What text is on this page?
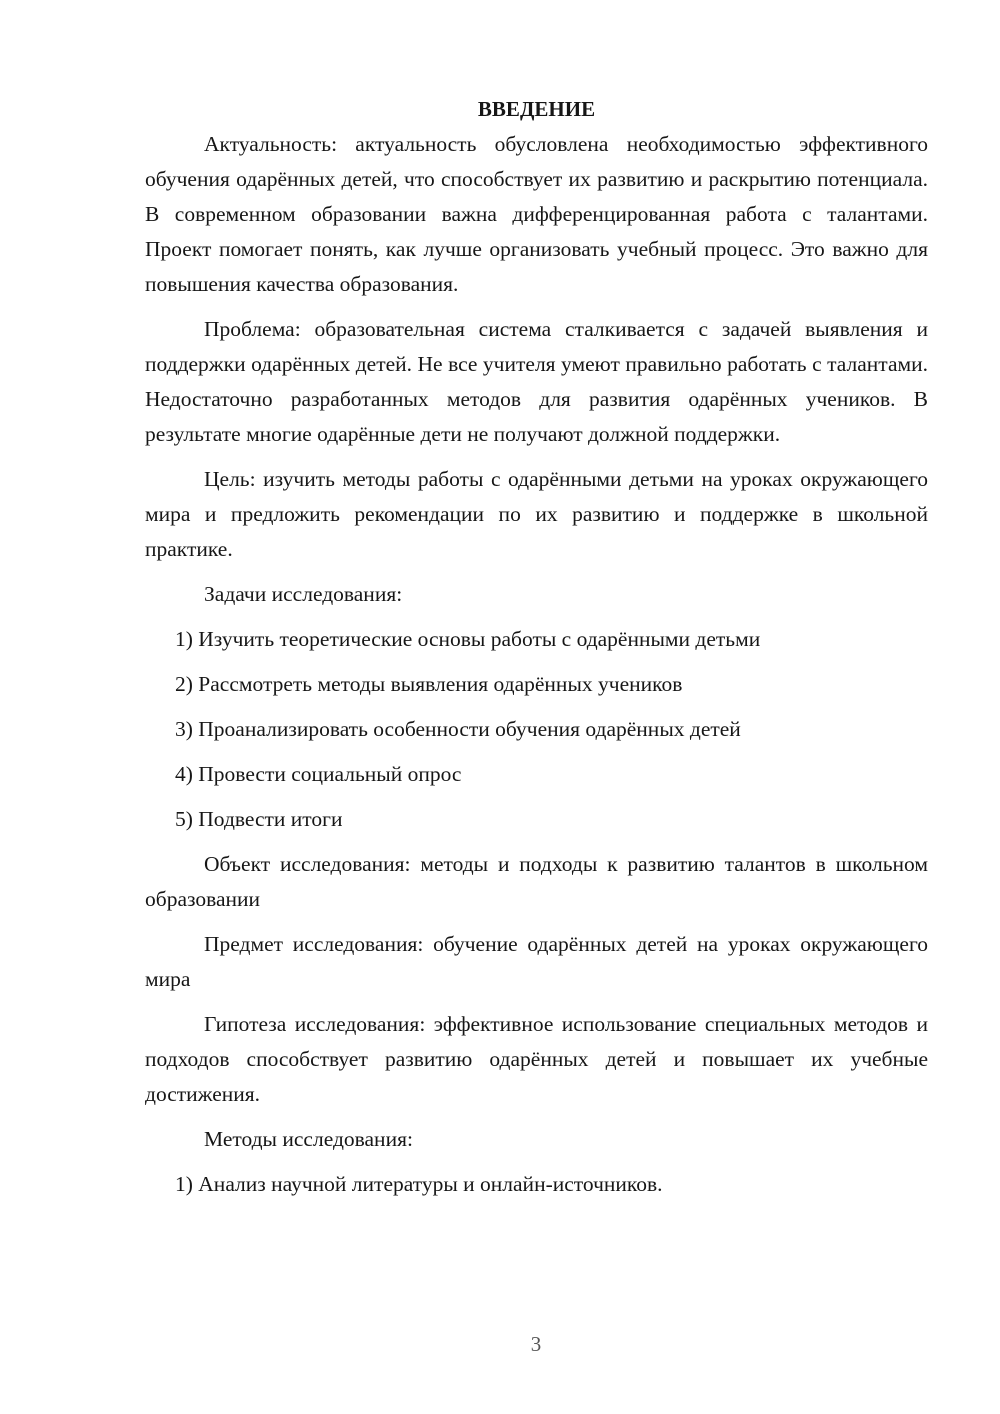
ВВЕДЕНИЕ

Актуальность: актуальность обусловлена необходимостью эффективного обучения одарённых детей, что способствует их развитию и раскрытию потенциала. В современном образовании важна дифференцированная работа с талантами. Проект помогает понять, как лучше организовать учебный процесс. Это важно для повышения качества образования.

Проблема: образовательная система сталкивается с задачей выявления и поддержки одарённых детей. Не все учителя умеют правильно работать с талантами. Недостаточно разработанных методов для развития одарённых учеников. В результате многие одарённые дети не получают должной поддержки.

Цель: изучить методы работы с одарёнными детьми на уроках окружающего мира и предложить рекомендации по их развитию и поддержке в школьной практике.

Задачи исследования:

1) Изучить теоретические основы работы с одарёнными детьми
2) Рассмотреть методы выявления одарённых учеников
3) Проанализировать особенности обучения одарённых детей
4) Провести социальный опрос
5) Подвести итоги

Объект исследования: методы и подходы к развитию талантов в школьном образовании

Предмет исследования: обучение одарённых детей на уроках окружающего мира

Гипотеза исследования: эффективное использование специальных методов и подходов способствует развитию одарённых детей и повышает их учебные достижения.

Методы исследования:

1) Анализ научной литературы и онлайн-источников.
3
